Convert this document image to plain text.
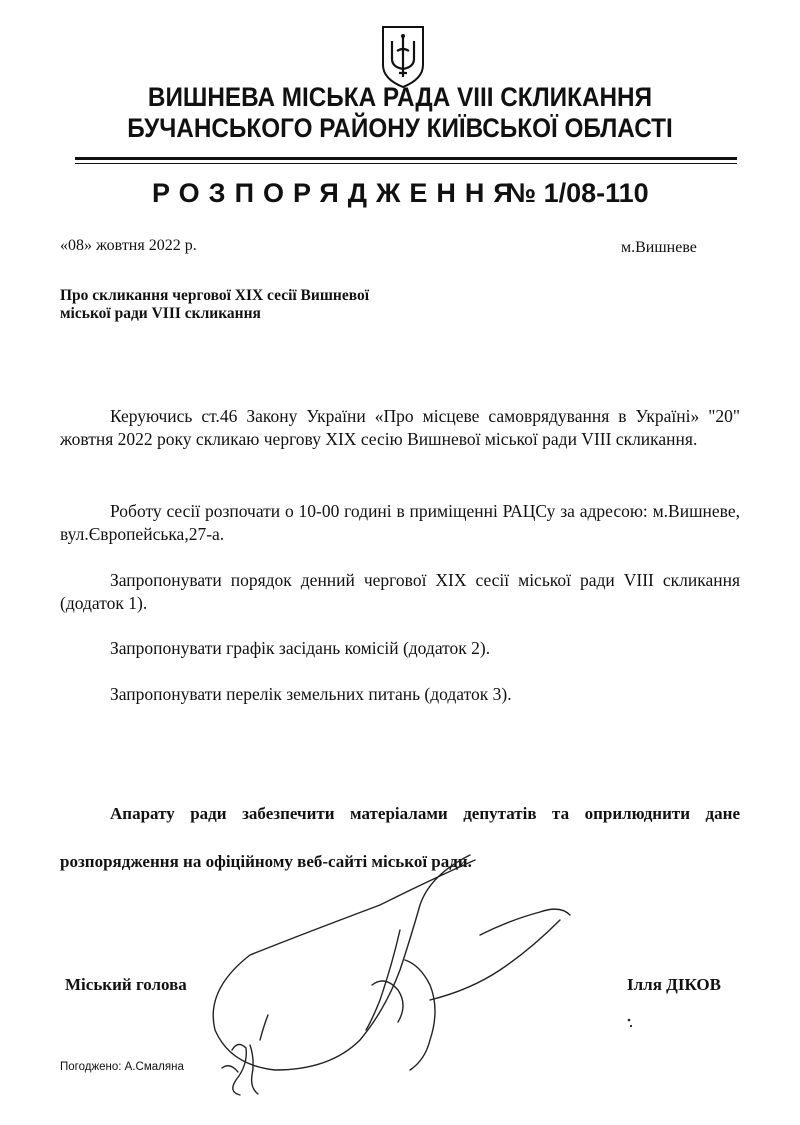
ВИШНЕВА МІСЬКА РАДА VIII СКЛИКАННЯ
БУЧАНСЬКОГО РАЙОНУ КИЇВСЬКОЇ ОБЛАСТІ
РОЗПОРЯДЖЕННЯ
№ 1/08-110
«08» жовтня 2022 р.	м.Вишневе
Про скликання чергової XIX сесії Вишневої
міської ради VIII скликання
Керуючись ст.46 Закону України «Про місцеве самоврядування в Україні» "20" жовтня 2022 року скликаю чергову XIX сесію Вишневої міської ради VIII скликання.
Роботу сесії розпочати о 10-00 годині в приміщенні РАЦСу за адресою: м.Вишневе, вул.Європейська,27-а.
Запропонувати порядок денний чергової XIX сесії міської ради VIII скликання (додаток 1).
Запропонувати графік засідань комісій (додаток 2).
Запропонувати перелік земельних питань (додаток 3).
Апарату ради забезпечити матеріалами депутатів та оприлюднити дане розпорядження на офіційному веб-сайті міської ради.
Міський голова	Ілля ДІКОВ
Погоджено: А.Смаляна
